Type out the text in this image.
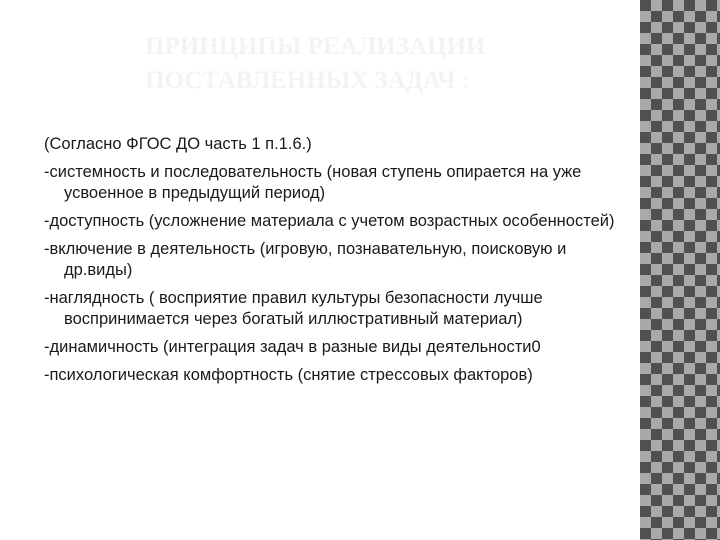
ПРИНЦИПЫ РЕАЛИЗАЦИИ ПОСТАВЛЕННЫХ ЗАДАЧ :

(Согласно ФГОС ДО часть 1 п.1.6.)

-системность и последовательность (новая ступень опирается на уже усвоенное в предыдущий период)

-доступность (усложнение материала с учетом возрастных особенностей)

-включение в деятельность (игровую, познавательную, поисковую и др.виды)

-наглядность ( восприятие правил культуры безопасности лучше воспринимается через богатый иллюстративный материал)

-динамичность (интеграция задач в разные виды деятельности0

-психологическая комфортность (снятие стрессовых факторов)
